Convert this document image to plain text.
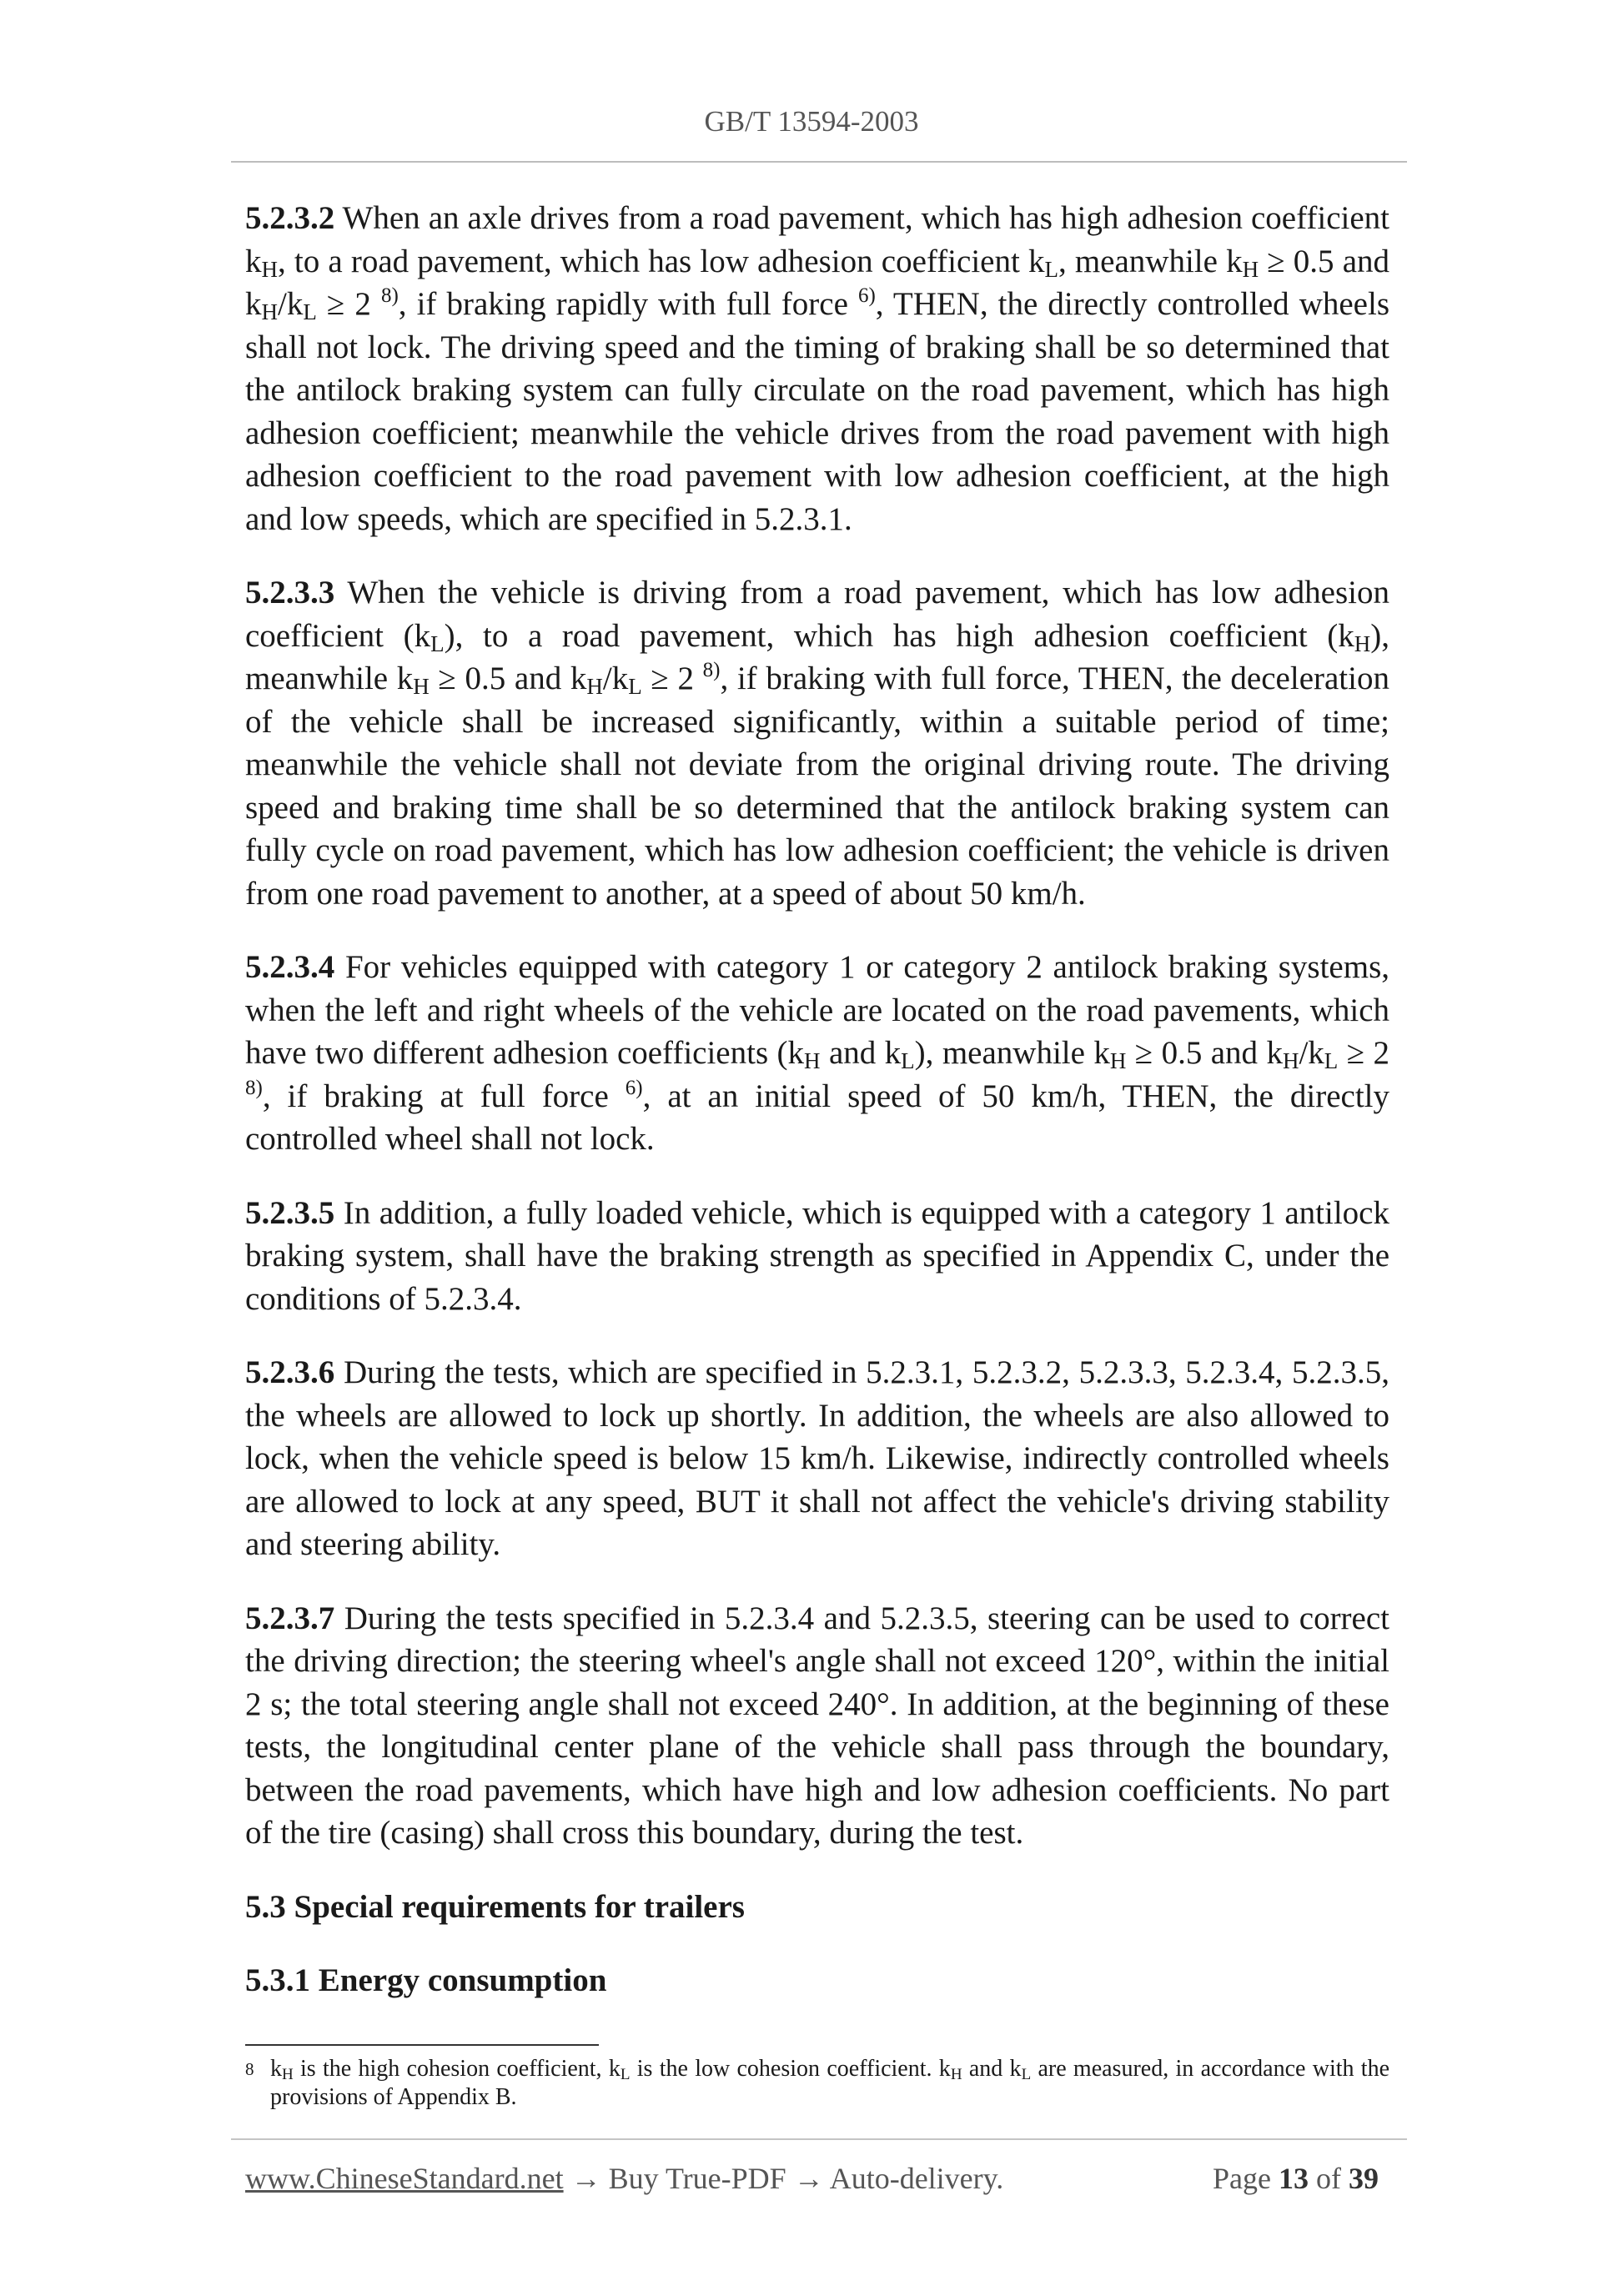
GB/T 13594-2003

5.2.3.2 When an axle drives from a road pavement, which has high adhesion coefficient $k_H$, to a road pavement, which has low adhesion coefficient $k_L$, meanwhile $k_H \ge 0.5$ and $k_H/k_L \ge 2$ $^{8)}$, if braking rapidly with full force $^{6)}$, THEN, the directly controlled wheels shall not lock. The driving speed and the timing of braking shall be so determined that the antilock braking system can fully circulate on the road pavement, which has high adhesion coefficient; meanwhile the vehicle drives from the road pavement with high adhesion coefficient to the road pavement with low adhesion coefficient, at the high and low speeds, which are specified in 5.2.3.1.

5.2.3.3 When the vehicle is driving from a road pavement, which has low adhesion coefficient $(k_L)$, to a road pavement, which has high adhesion coefficient $(k_H)$, meanwhile $k_H \ge 0.5$ and $k_H/k_L \ge 2$ $^{8)}$, if braking with full force, THEN, the deceleration of the vehicle shall be increased significantly, within a suitable period of time; meanwhile the vehicle shall not deviate from the original driving route. The driving speed and braking time shall be so determined that the antilock braking system can fully cycle on road pavement, which has low adhesion coefficient; the vehicle is driven from one road pavement to another, at a speed of about 50 km/h.

5.2.3.4 For vehicles equipped with category 1 or category 2 antilock braking systems, when the left and right wheels of the vehicle are located on the road pavements, which have two different adhesion coefficients ($k_H$ and $k_L$), meanwhile $k_H \ge 0.5$ and $k_H/k_L \ge 2$ $^{8)}$, if braking at full force $^{6)}$, at an initial speed of 50 km/h, THEN, the directly controlled wheel shall not lock.

5.2.3.5 In addition, a fully loaded vehicle, which is equipped with a category 1 antilock braking system, shall have the braking strength as specified in Appendix C, under the conditions of 5.2.3.4.

5.2.3.6 During the tests, which are specified in 5.2.3.1, 5.2.3.2, 5.2.3.3, 5.2.3.4, 5.2.3.5, the wheels are allowed to lock up shortly. In addition, the wheels are also allowed to lock, when the vehicle speed is below 15 km/h. Likewise, indirectly controlled wheels are allowed to lock at any speed, BUT it shall not affect the vehicle's driving stability and steering ability.

5.2.3.7 During the tests specified in 5.2.3.4 and 5.2.3.5, steering can be used to correct the driving direction; the steering wheel's angle shall not exceed 120°, within the initial 2 s; the total steering angle shall not exceed 240°. In addition, at the beginning of these tests, the longitudinal center plane of the vehicle shall pass through the boundary, between the road pavements, which have high and low adhesion coefficients. No part of the tire (casing) shall cross this boundary, during the test.

5.3 Special requirements for trailers
5.3.1 Energy consumption
8 kH is the high cohesion coefficient, kL is the low cohesion coefficient. kH and kL are measured, in accordance with the provisions of Appendix B.
www.ChineseStandard.net → Buy True-PDF → Auto-delivery.	Page 13 of 39
